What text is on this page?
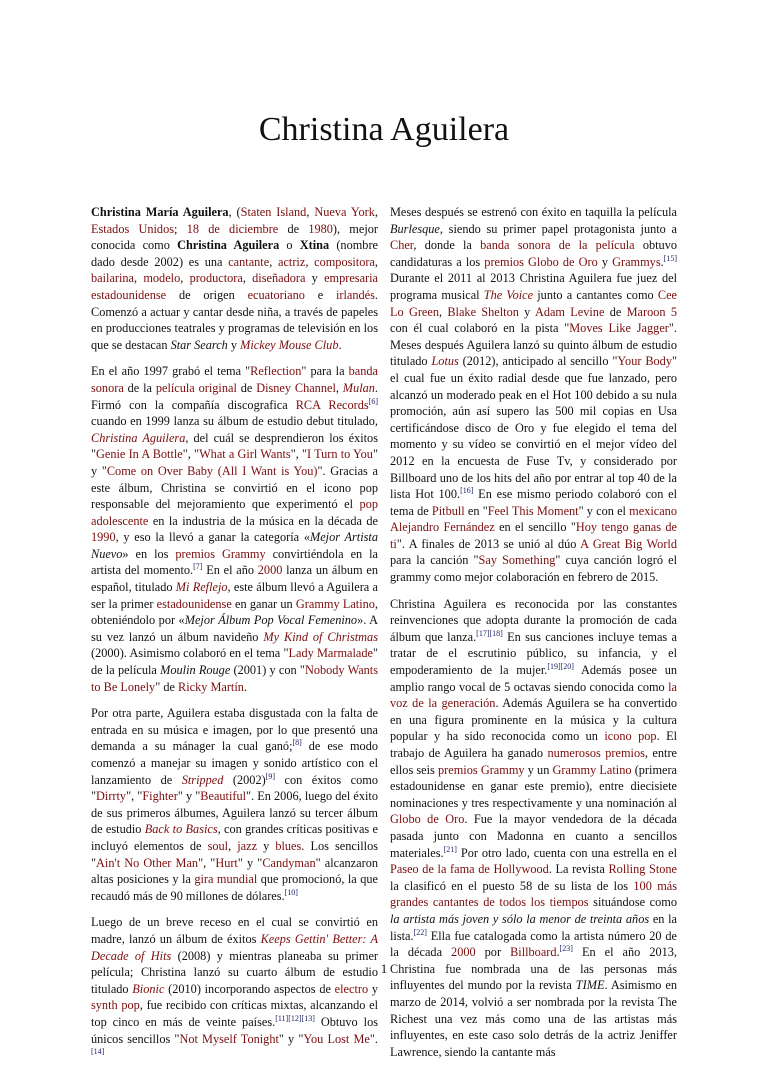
Christina Aguilera

Christina María Aguilera, (Staten Island, Nueva York, Estados Unidos; 18 de diciembre de 1980), mejor conocida como Christina Aguilera o Xtina (nombre dado desde 2002) es una cantante, actriz, compositora, bailarina, modelo, productora, diseñadora y empresaria estadounidense de origen ecuatoriano e irlandés. Comenzó a actuar y cantar desde niña, a través de papeles en producciones teatrales y programas de televisión en los que se destacan Star Search y Mickey Mouse Club.

En el año 1997 grabó el tema "Reflection" para la banda sonora de la película original de Disney Channel, Mulan. Firmó con la compañía discografica RCA Records[6] cuando en 1999 lanza su álbum de estudio debut titulado, Christina Aguilera, del cuál se desprendieron los éxitos "Genie In A Bottle", "What a Girl Wants", "I Turn to You" y "Come on Over Baby (All I Want is You)". Gracias a este álbum, Christina se convirtió en el icono pop responsable del mejoramiento que experimentó el pop adolescente en la industria de la música en la década de 1990, y eso la llevó a ganar la categoría «Mejor Artista Nuevo» en los premios Grammy convirtiéndola en la artista del momento.[7] En el año 2000 lanza un álbum en español, titulado Mi Reflejo, este álbum llevó a Aguilera a ser la primer estadounidense en ganar un Grammy Latino, obteniéndolo por «Mejor Álbum Pop Vocal Femenino». A su vez lanzó un álbum navideño My Kind of Christmas (2000). Asimismo colaboró en el tema "Lady Marmalade" de la película Moulin Rouge (2001) y con "Nobody Wants to Be Lonely" de Ricky Martín.

Por otra parte, Aguilera estaba disgustada con la falta de entrada en su música e imagen, por lo que presentó una demanda a su mánager la cual ganó;[8] de ese modo comenzó a manejar su imagen y sonido artístico con el lanzamiento de Stripped (2002)[9] con éxitos como "Dirrty", "Fighter" y "Beautiful". En 2006, luego del éxito de sus primeros álbumes, Aguilera lanzó su tercer álbum de estudio Back to Basics, con grandes críticas positivas e incluyó elementos de soul, jazz y blues. Los sencillos "Ain't No Other Man", "Hurt" y "Candyman" alcanzaron altas posiciones y la gira mundial que promocionó, la que recaudó más de 90 millones de dólares.[10]

Luego de un breve receso en el cual se convirtió en madre, lanzó un álbum de éxitos Keeps Gettin' Better: A Decade of Hits (2008) y mientras planeaba su primer película; Christina lanzó su cuarto álbum de estudio titulado Bionic (2010) incorporando aspectos de electro y synth pop, fue recibido con críticas mixtas, alcanzando el top cinco en más de veinte países.[11][12][13] Obtuvo los únicos sencillos "Not Myself Tonight" y "You Lost Me".[14]

Meses después se estrenó con éxito en taquilla la película Burlesque, siendo su primer papel protagonista junto a Cher, donde la banda sonora de la película obtuvo candidaturas a los premios Globo de Oro y Grammys.[15] Durante el 2011 al 2013 Christina Aguilera fue juez del programa musical The Voice junto a cantantes como Cee Lo Green, Blake Shelton y Adam Levine de Maroon 5 con él cual colaboró en la pista "Moves Like Jagger". Meses después Aguilera lanzó su quinto álbum de estudio titulado Lotus (2012), anticipado al sencillo "Your Body" el cual fue un éxito radial desde que fue lanzado, pero alcanzó un moderado peak en el Hot 100 debido a su nula promoción, aún así supero las 500 mil copias en Usa certificándose disco de Oro y fue elegido el tema del momento y su vídeo se convirtió en el mejor vídeo del 2012 en la encuesta de Fuse Tv, y considerado por Billboard uno de los hits del año por entrar al top 40 de la lista Hot 100.[16] En ese mismo periodo colaboró con el tema de Pitbull en "Feel This Moment" y con el mexicano Alejandro Fernández en el sencillo "Hoy tengo ganas de ti". A finales de 2013 se unió al dúo A Great Big World para la canción "Say Something" cuya canción logró el grammy como mejor colaboración en febrero de 2015.

Christina Aguilera es reconocida por las constantes reinvenciones que adopta durante la promoción de cada álbum que lanza.[17][18] En sus canciones incluye temas a tratar de el escrutinio público, su infancia, y el empoderamiento de la mujer.[19][20] Además posee un amplio rango vocal de 5 octavas siendo conocida como la voz de la generación. Además Aguilera se ha convertido en una figura prominente en la música y la cultura popular y ha sido reconocida como un icono pop. El trabajo de Aguilera ha ganado numerosos premios, entre ellos seis premios Grammy y un Grammy Latino (primera estadounidense en ganar este premio), entre diecisiete nominaciones y tres respectivamente y una nominación al Globo de Oro. Fue la mayor vendedora de la década pasada junto con Madonna en cuanto a sencillos materiales.[21] Por otro lado, cuenta con una estrella en el Paseo de la fama de Hollywood. La revista Rolling Stone la clasificó en el puesto 58 de su lista de los 100 más grandes cantantes de todos los tiempos situándose como la artista más joven y sólo la menor de treinta años en la lista.[22] Ella fue catalogada como la artista número 20 de la década 2000 por Billboard.[23] En el año 2013, Christina fue nombrada una de las personas más influyentes del mundo por la revista TIME. Asimismo en marzo de 2014, volvió a ser nombrada por la revista The Richest una vez más como una de las artistas más influyentes, en este caso solo detrás de la actriz Jeniffer Lawrence, siendo la cantante más

1
